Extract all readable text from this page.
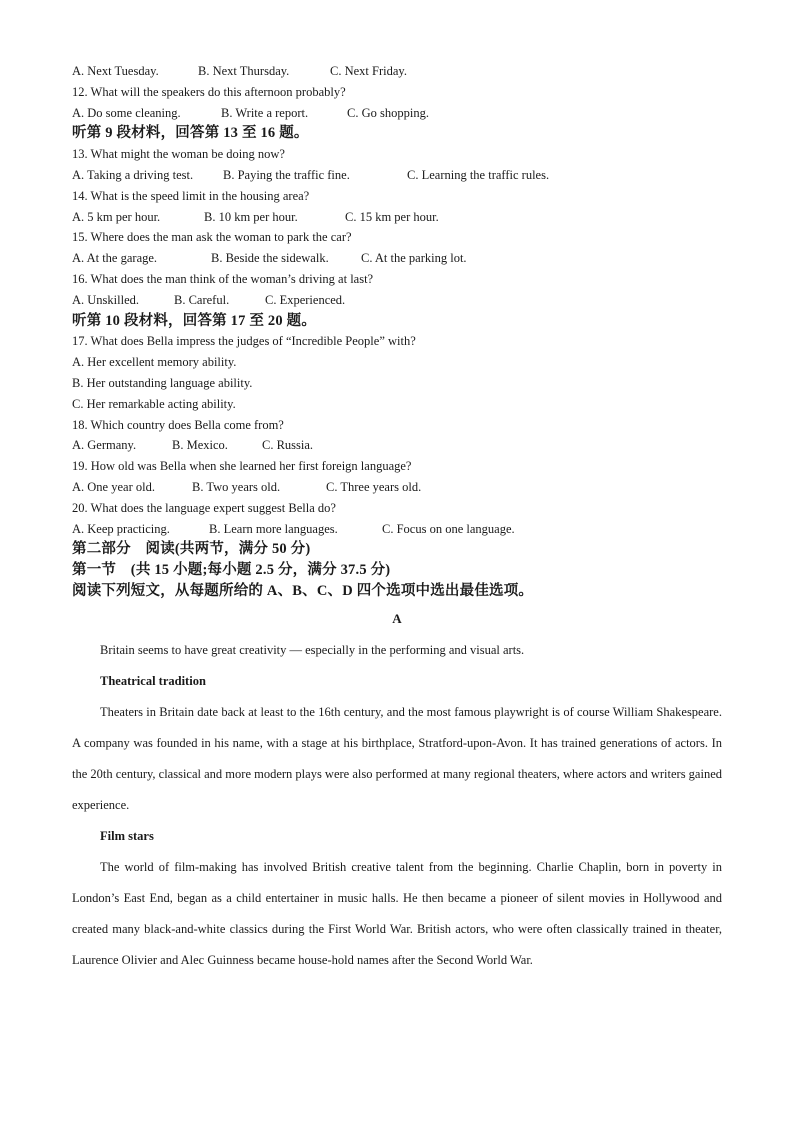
A. Next Tuesday.	B. Next Thursday.	C. Next Friday.
12. What will the speakers do this afternoon probably?
A. Do some cleaning.	B. Write a report.	C. Go shopping.
听第 9 段材料，回答第 13 至 16 题。
13. What might the woman be doing now?
A. Taking a driving test.	B. Paying the traffic fine.	C. Learning the traffic rules.
14. What is the speed limit in the housing area?
A. 5 km per hour.	B. 10 km per hour.	C. 15 km per hour.
15. Where does the man ask the woman to park the car?
A. At the garage.	B. Beside the sidewalk.	C. At the parking lot.
16. What does the man think of the woman’s driving at last?
A. Unskilled.	B. Careful.	C. Experienced.
听第 10 段材料，回答第 17 至 20 题。
17. What does Bella impress the judges of “Incredible People” with?
A. Her excellent memory ability.
B. Her outstanding language ability.
C. Her remarkable acting ability.
18. Which country does Bella come from?
A. Germany.	B. Mexico.	C. Russia.
19. How old was Bella when she learned her first foreign language?
A. One year old.	B. Two years old.	C. Three years old.
20. What does the language expert suggest Bella do?
A. Keep practicing.	B. Learn more languages.	C. Focus on one language.
第二部分　阅读(共两节，满分 50 分)
第一节　(共 15 小题;每小题 2.5 分，满分 37.5 分)
阅读下列短文，从每题所给的 A、B、C、D 四个选项中选出最佳选项。
A

Britain seems to have great creativity — especially in the performing and visual arts.

Theatrical tradition

Theaters in Britain date back at least to the 16th century, and the most famous playwright is of course William Shakespeare. A company was founded in his name, with a stage at his birthplace, Stratford-upon-Avon. It has trained generations of actors. In the 20th century, classical and more modern plays were also performed at many regional theaters, where actors and writers gained experience.

Film stars

The world of film-making has involved British creative talent from the beginning. Charlie Chaplin, born in poverty in London’s East End, began as a child entertainer in music halls. He then became a pioneer of silent movies in Hollywood and created many black-and-white classics during the First World War. British actors, who were often classically trained in theater, Laurence Olivier and Alec Guinness became house-hold names after the Second World War.
